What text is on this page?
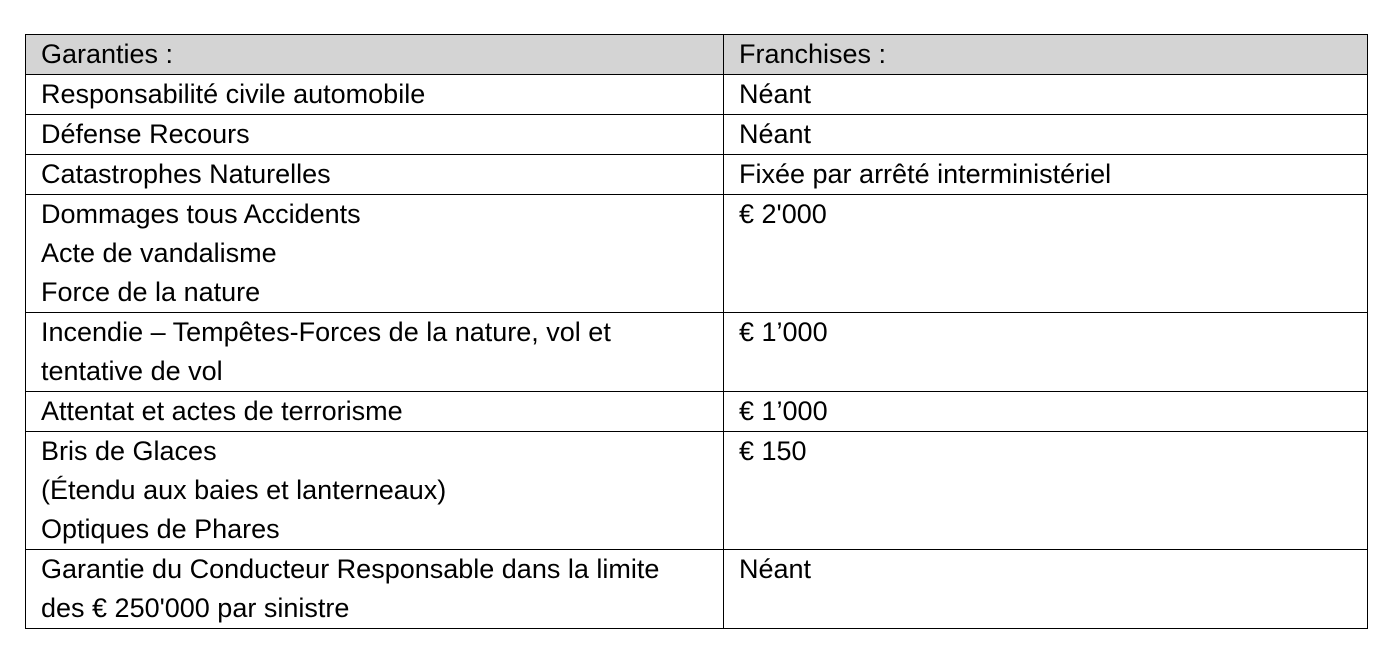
Garanties :	Franchises :

Responsabilité civile automobile	Néant

Défense Recours	Néant

Catastrophes Naturelles	Fixée par arrêté interministériel

Dommages tous Accidents
Acte de vandalisme
Force de la nature	€ 2'000

Incendie – Tempêtes-Forces de la nature, vol et tentative de vol	€ 1’000

Attentat et actes de terrorisme	€ 1’000

Bris de Glaces
(Étendu aux baies et lanterneaux)
Optiques de Phares	€ 150

Garantie du Conducteur Responsable dans la limite des € 250'000 par sinistre	Néant
